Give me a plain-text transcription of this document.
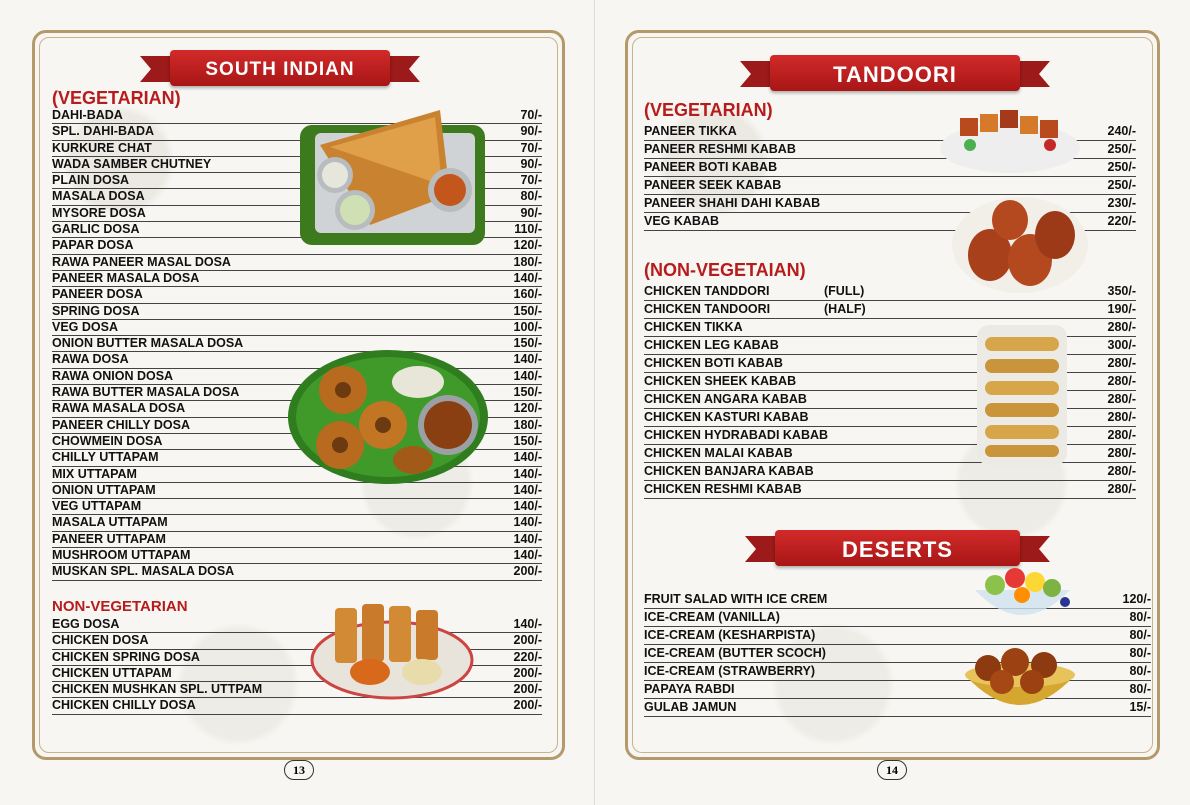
SOUTH INDIAN
(VEGETARIAN)
DAHI-BADA	70/-
SPL. DAHI-BADA	90/-
KURKURE CHAT	70/-
WADA SAMBER CHUTNEY	90/-
PLAIN DOSA	70/-
MASALA DOSA	80/-
MYSORE DOSA	90/-
GARLIC DOSA	110/-
PAPAR DOSA	120/-
RAWA PANEER MASAL DOSA	180/-
PANEER MASALA DOSA	140/-
PANEER DOSA	160/-
SPRING DOSA	150/-
VEG DOSA	100/-
ONION BUTTER MASALA DOSA	150/-
RAWA DOSA	140/-
RAWA ONION DOSA	140/-
RAWA BUTTER MASALA DOSA	150/-
RAWA MASALA DOSA	120/-
PANEER CHILLY DOSA	180/-
CHOWMEIN DOSA	150/-
CHILLY UTTAPAM	140/-
MIX UTTAPAM	140/-
ONION UTTAPAM	140/-
VEG UTTAPAM	140/-
MASALA UTTAPAM	140/-
PANEER UTTAPAM	140/-
MUSHROOM UTTAPAM	140/-
MUSKAN SPL. MASALA DOSA	200/-
NON-VEGETARIAN
EGG DOSA	140/-
CHICKEN DOSA	200/-
CHICKEN SPRING DOSA	220/-
CHICKEN UTTAPAM	200/-
CHICKEN MUSHKAN SPL. UTTPAM	200/-
CHICKEN CHILLY DOSA	200/-
13
TANDOORI
(VEGETARIAN)
PANEER TIKKA	240/-
PANEER RESHMI KABAB	250/-
PANEER BOTI KABAB	250/-
PANEER SEEK KABAB	250/-
PANEER SHAHI DAHI KABAB	230/-
VEG KABAB	220/-
(NON-VEGETAIAN)
CHICKEN TANDDORI	(FULL)	350/-
CHICKEN TANDOORI	(HALF)	190/-
CHICKEN TIKKA	280/-
CHICKEN LEG KABAB	300/-
CHICKEN BOTI KABAB	280/-
CHICKEN SHEEK KABAB	280/-
CHICKEN ANGARA KABAB	280/-
CHICKEN KASTURI KABAB	280/-
CHICKEN HYDRABADI KABAB	280/-
CHICKEN MALAI KABAB	280/-
CHICKEN BANJARA KABAB	280/-
CHICKEN RESHMI KABAB	280/-
DESERTS
FRUIT SALAD WITH ICE CREM	120/-
ICE-CREAM (VANILLA)	80/-
ICE-CREAM (KESHARPISTA)	80/-
ICE-CREAM (BUTTER SCOCH)	80/-
ICE-CREAM (STRAWBERRY)	80/-
PAPAYA RABDI	80/-
GULAB JAMUN	15/-
14
